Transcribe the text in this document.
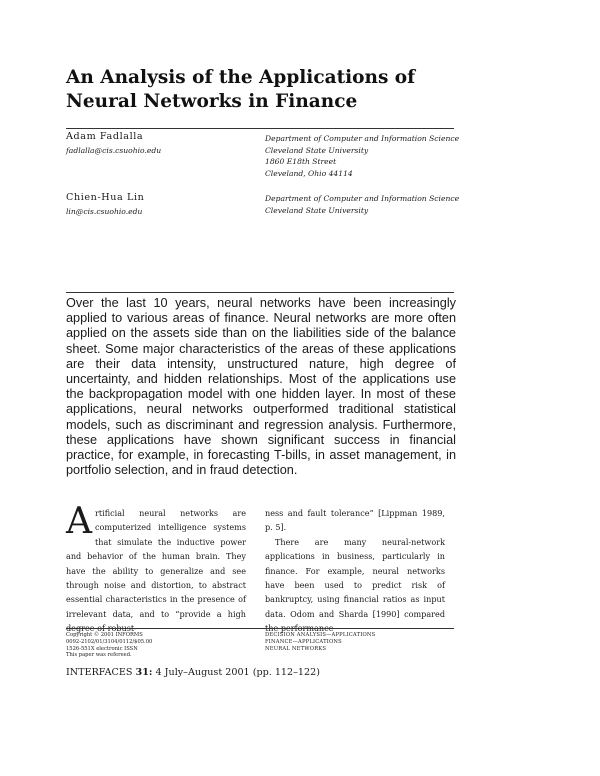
An Analysis of the Applications of Neural Networks in Finance
Adam Fadlalla
fadlalla@cis.csuohio.edu
Department of Computer and Information Science
Cleveland State University
1860 E18th Street
Cleveland, Ohio 44114
Chien-Hua Lin
lin@cis.csuohio.edu
Department of Computer and Information Science
Cleveland State University

Over the last 10 years, neural networks have been increasingly applied to various areas of finance. Neural networks are more often applied on the assets side than on the liabilities side of the balance sheet. Some major characteristics of the areas of these applications are their data intensity, unstructured nature, high degree of uncertainty, and hidden relationships. Most of the applications use the backpropagation model with one hidden layer. In most of these applications, neural networks outperformed traditional statistical models, such as discriminant and regression analysis. Furthermore, these applications have shown significant success in financial practice, for example, in forecasting T-bills, in asset management, in portfolio selection, and in fraud detection.

A rtificial neural networks are computerized intelligence systems that simulate the inductive power and behavior of the human brain. They have the ability to generalize and see through noise and distortion, to abstract essential characteristics in the presence of irrelevant data, and to “provide a high degree of robust-

ness and fault tolerance” [Lippman 1989, p. 5].

There are many neural-network applications in business, particularly in finance. For example, neural networks have been used to predict risk of bankruptcy, using financial ratios as input data. Odom and Sharda [1990] compared the performance

Copyright © 2001 INFORMS
0092-2102/01/3104/0112/$05.00
1526-551X electronic ISSN
This paper was refereed.
DECISION ANALYSIS—APPLICATIONS
FINANCE—APPLICATIONS
NEURAL NETWORKS
INTERFACES 31: 4 July–August 2001 (pp. 112–122)
